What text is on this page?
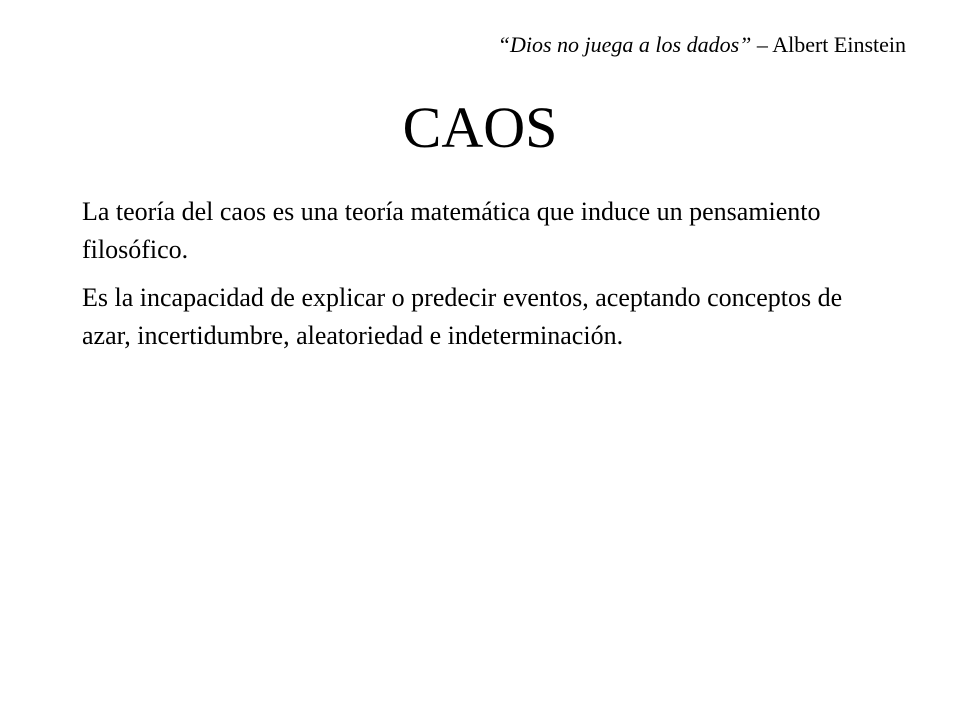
“Dios no juega a los dados” – Albert Einstein
CAOS

La teoría del caos es una teoría matemática que induce un pensamiento filosófico.

Es la incapacidad de explicar o predecir eventos, aceptando conceptos de azar, incertidumbre, aleatoriedad e indeterminación.
